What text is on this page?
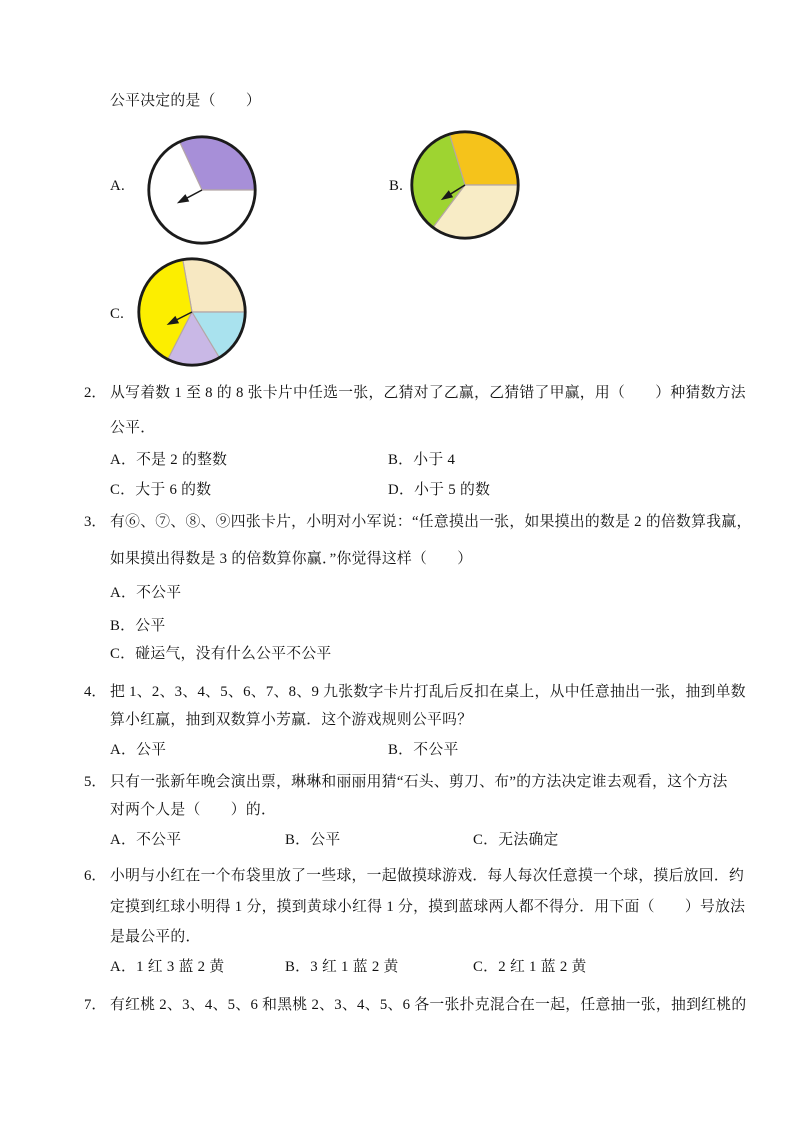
公平决定的是（　　）
A.	B.
C.
2． 从写着数 1 至 8 的 8 张卡片中任选一张，乙猜对了乙赢，乙猜错了甲赢，用（　　）种猜数方法
公平．
A．不是 2 的整数	B．小于 4
C．大于 6 的数	D．小于 5 的数
3． 有⑥、⑦、⑧、⑨四张卡片，小明对小军说：“任意摸出一张，如果摸出的数是 2 的倍数算我赢，
如果摸出得数是 3 的倍数算你赢．”你觉得这样（　　）
A．不公平
B．公平
C．碰运气，没有什么公平不公平
4． 把 1、2、3、4、5、6、7、8、9 九张数字卡片打乱后反扣在桌上，从中任意抽出一张，抽到单数
算小红赢，抽到双数算小芳赢．这个游戏规则公平吗？
A．公平	B．不公平
5． 只有一张新年晚会演出票，琳琳和丽丽用猜“石头、剪刀、布”的方法决定谁去观看，这个方法
对两个人是（　　）的．
A．不公平	B．公平	C．无法确定
6． 小明与小红在一个布袋里放了一些球，一起做摸球游戏．每人每次任意摸一个球，摸后放回．约
定摸到红球小明得 1 分，摸到黄球小红得 1 分，摸到蓝球两人都不得分．用下面（　　）号放法
是最公平的．
A．1 红 3 蓝 2 黄	B．3 红 1 蓝 2 黄	C．2 红 1 蓝 2 黄
7． 有红桃 2、3、4、5、6 和黑桃 2、3、4、5、6 各一张扑克混合在一起，任意抽一张，抽到红桃的
